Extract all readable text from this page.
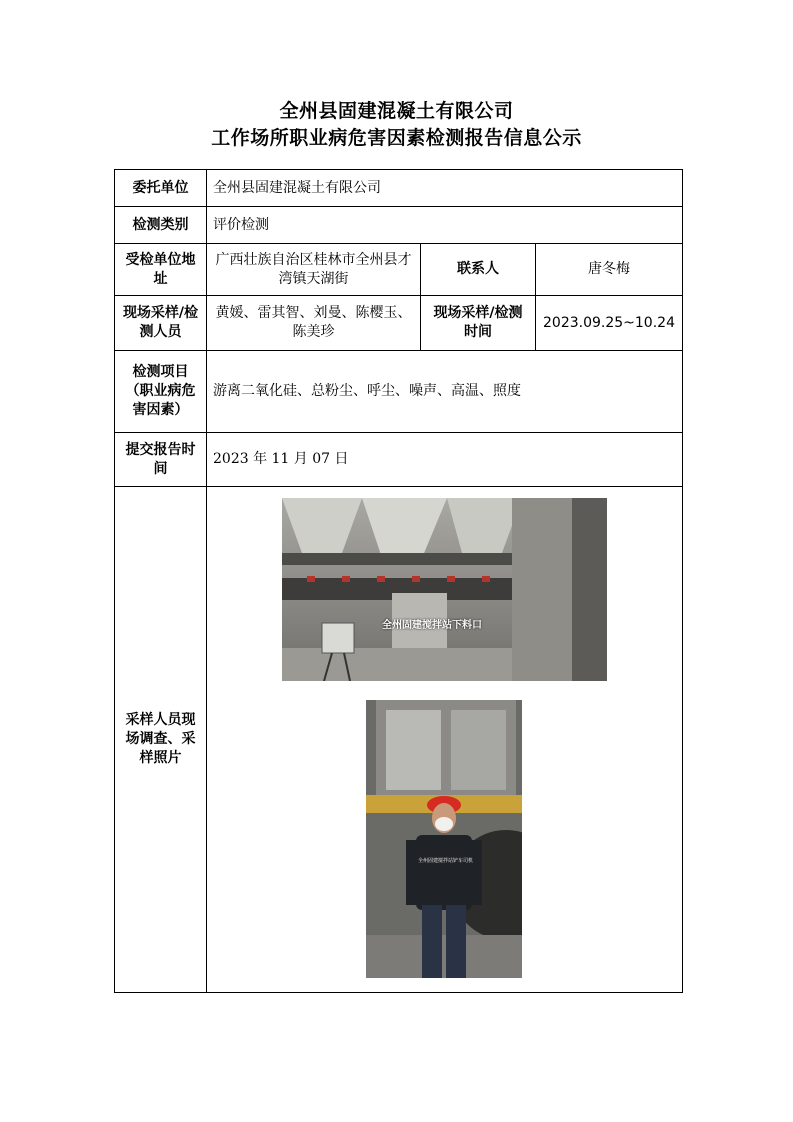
全州县固建混凝土有限公司
工作场所职业病危害因素检测报告信息公示
委托单位	全州县固建混凝土有限公司		
检测类别	评价检测		
受检单位地址	广西壮族自治区桂林市全州县才湾镇天湖街	联系人	唐冬梅
现场采样/检测人员	黄媛、雷其智、刘曼、陈樱玉、陈美珍	现场采样/检测时间	2023.09.25~10.24
检测项目（职业病危害因素）	游离二氧化硅、总粉尘、呼尘、噪声、高温、照度		
提交报告时间	2023 年 11 月 07 日		
采样人员现场调查、采样照片	全州固建搅拌站下料口
全州固建搅拌站铲车司机		
